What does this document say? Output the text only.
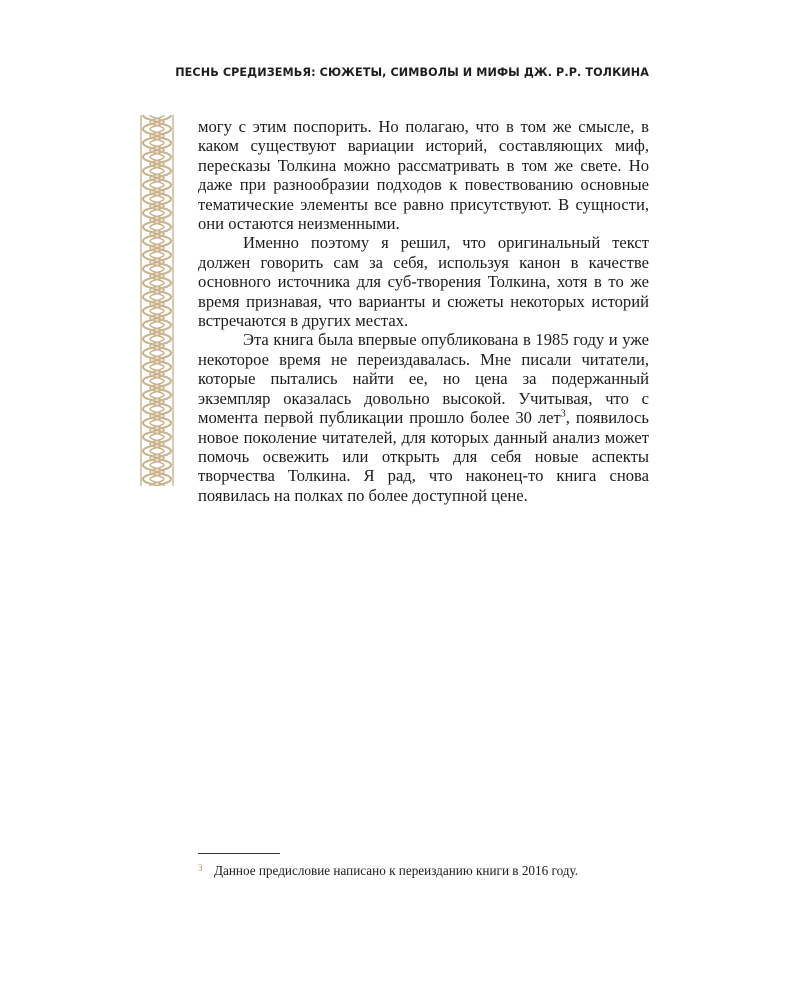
ПЕСНЬ СРЕДИЗЕМЬЯ: СЮЖЕТЫ, СИМВОЛЫ И МИФЫ ДЖ. Р.Р. ТОЛКИНА

могу с этим поспорить. Но полагаю, что в том же смысле, в каком существуют вариации историй, составляющих миф, пересказы Толкина можно рассматривать в том же свете. Но даже при разнообразии подходов к повествованию основные тематические элементы все равно присутствуют. В сущности, они остаются неизменными.

Именно поэтому я решил, что оригинальный текст должен говорить сам за себя, используя канон в качестве основного источника для суб-творения Толкина, хотя в то же время признавая, что варианты и сюжеты некоторых историй встречаются в других местах.

Эта книга была впервые опубликована в 1985 году и уже некоторое время не переиздавалась. Мне писали читатели, которые пытались найти ее, но цена за подержанный экземпляр оказалась довольно высокой. Учитывая, что с момента первой публикации прошло более 30 лет$^3$, появилось новое поколение читателей, для которых данный анализ может помочь освежить или открыть для себя новые аспекты творчества Толкина. Я рад, что наконец-то книга снова появилась на полках по более доступной цене.

3 Данное предисловие написано к переизданию книги в 2016 году.
